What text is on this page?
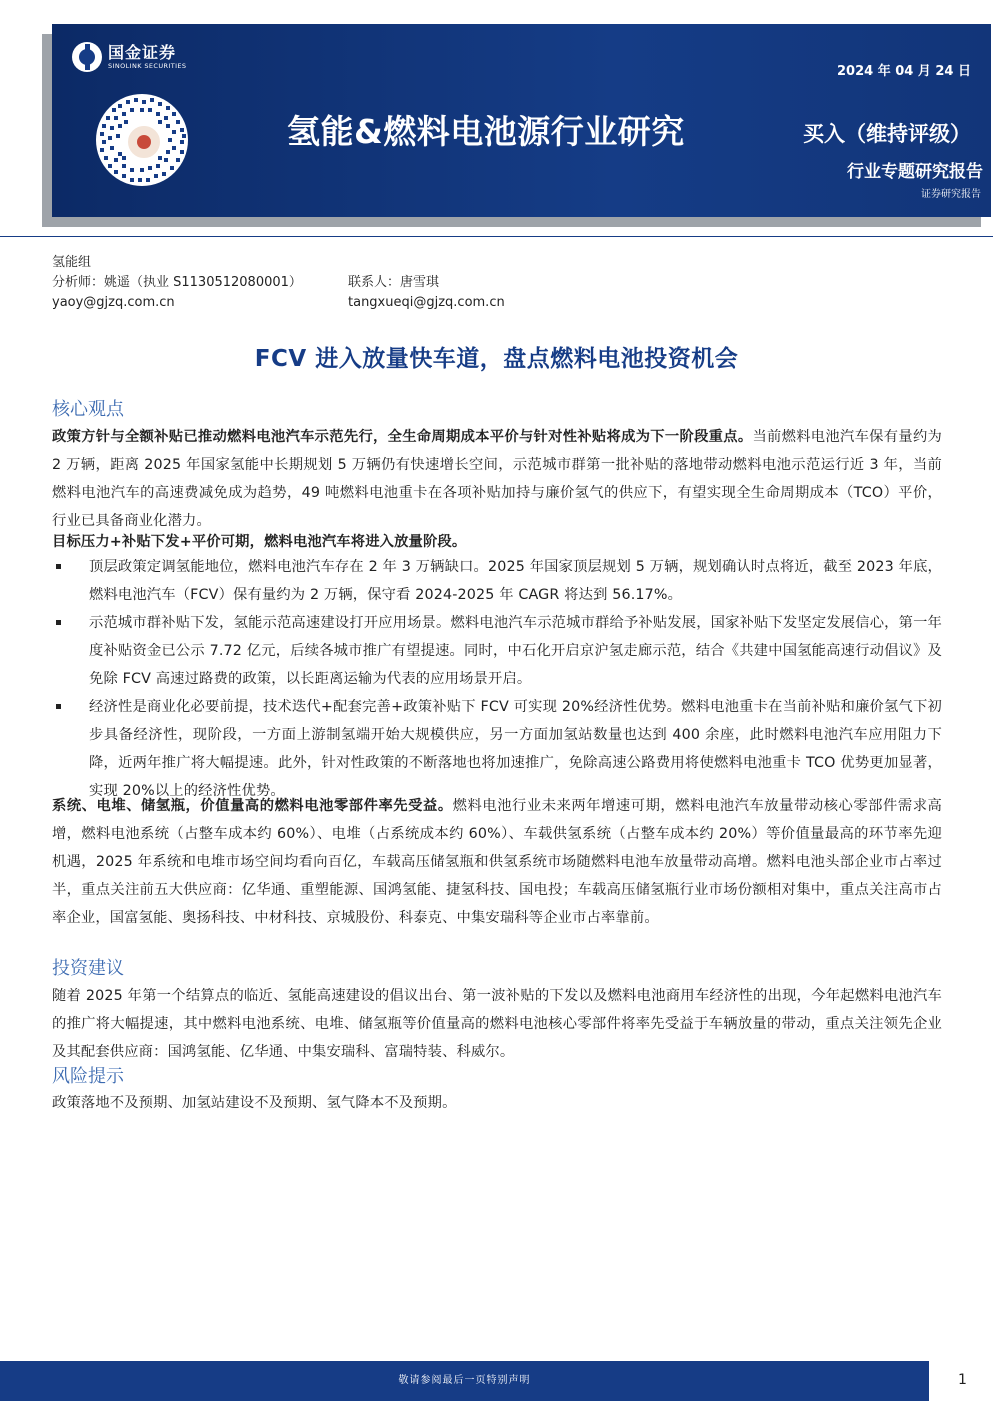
国金证券
SINOLINK SECURITIES
氢能&燃料电池源行业研究
2024 年 04 月 24 日
买入（维持评级）
行业专题研究报告
证券研究报告
氢能组
分析师：姚遥（执业 S1130512080001）
yaoy@gjzq.com.cn
联系人：唐雪琪
tangxueqi@gjzq.com.cn
FCV 进入放量快车道，盘点燃料电池投资机会
核心观点

政策方针与全额补贴已推动燃料电池汽车示范先行，全生命周期成本平价与针对性补贴将成为下一阶段重点。当前燃料电池汽车保有量约为 2 万辆，距离 2025 年国家氢能中长期规划 5 万辆仍有快速增长空间，示范城市群第一批补贴的落地带动燃料电池示范运行近 3 年，当前燃料电池汽车的高速费减免成为趋势，49 吨燃料电池重卡在各项补贴加持与廉价氢气的供应下，有望实现全生命周期成本（TCO）平价，行业已具备商业化潜力。

目标压力+补贴下发+平价可期，燃料电池汽车将进入放量阶段。

顶层政策定调氢能地位，燃料电池汽车存在 2 年 3 万辆缺口。2025 年国家顶层规划 5 万辆，规划确认时点将近，截至 2023 年底，燃料电池汽车（FCV）保有量约为 2 万辆，保守看 2024-2025 年 CAGR 将达到 56.17%。
示范城市群补贴下发，氢能示范高速建设打开应用场景。燃料电池汽车示范城市群给予补贴发展，国家补贴下发坚定发展信心，第一年度补贴资金已公示 7.72 亿元，后续各城市推广有望提速。同时，中石化开启京沪氢走廊示范，结合《共建中国氢能高速行动倡议》及免除 FCV 高速过路费的政策，以长距离运输为代表的应用场景开启。
经济性是商业化必要前提，技术迭代+配套完善+政策补贴下 FCV 可实现 20%经济性优势。燃料电池重卡在当前补贴和廉价氢气下初步具备经济性，现阶段，一方面上游制氢端开始大规模供应，另一方面加氢站数量也达到 400 余座，此时燃料电池汽车应用阻力下降，近两年推广将大幅提速。此外，针对性政策的不断落地也将加速推广，免除高速公路费用将使燃料电池重卡 TCO 优势更加显著，实现 20%以上的经济性优势。

系统、电堆、储氢瓶，价值量高的燃料电池零部件率先受益。燃料电池行业未来两年增速可期，燃料电池汽车放量带动核心零部件需求高增，燃料电池系统（占整车成本约 60%）、电堆（占系统成本约 60%）、车载供氢系统（占整车成本约 20%）等价值量最高的环节率先迎机遇，2025 年系统和电堆市场空间均看向百亿，车载高压储氢瓶和供氢系统市场随燃料电池车放量带动高增。燃料电池头部企业市占率过半，重点关注前五大供应商：亿华通、重塑能源、国鸿氢能、捷氢科技、国电投；车载高压储氢瓶行业市场份额相对集中，重点关注高市占率企业，国富氢能、奥扬科技、中材科技、京城股份、科泰克、中集安瑞科等企业市占率靠前。

投资建议

随着 2025 年第一个结算点的临近、氢能高速建设的倡议出台、第一波补贴的下发以及燃料电池商用车经济性的出现，今年起燃料电池汽车的推广将大幅提速，其中燃料电池系统、电堆、储氢瓶等价值量高的燃料电池核心零部件将率先受益于车辆放量的带动，重点关注领先企业及其配套供应商：国鸿氢能、亿华通、中集安瑞科、富瑞特装、科威尔。

风险提示

政策落地不及预期、加氢站建设不及预期、氢气降本不及预期。

敬请参阅最后一页特别声明	1
